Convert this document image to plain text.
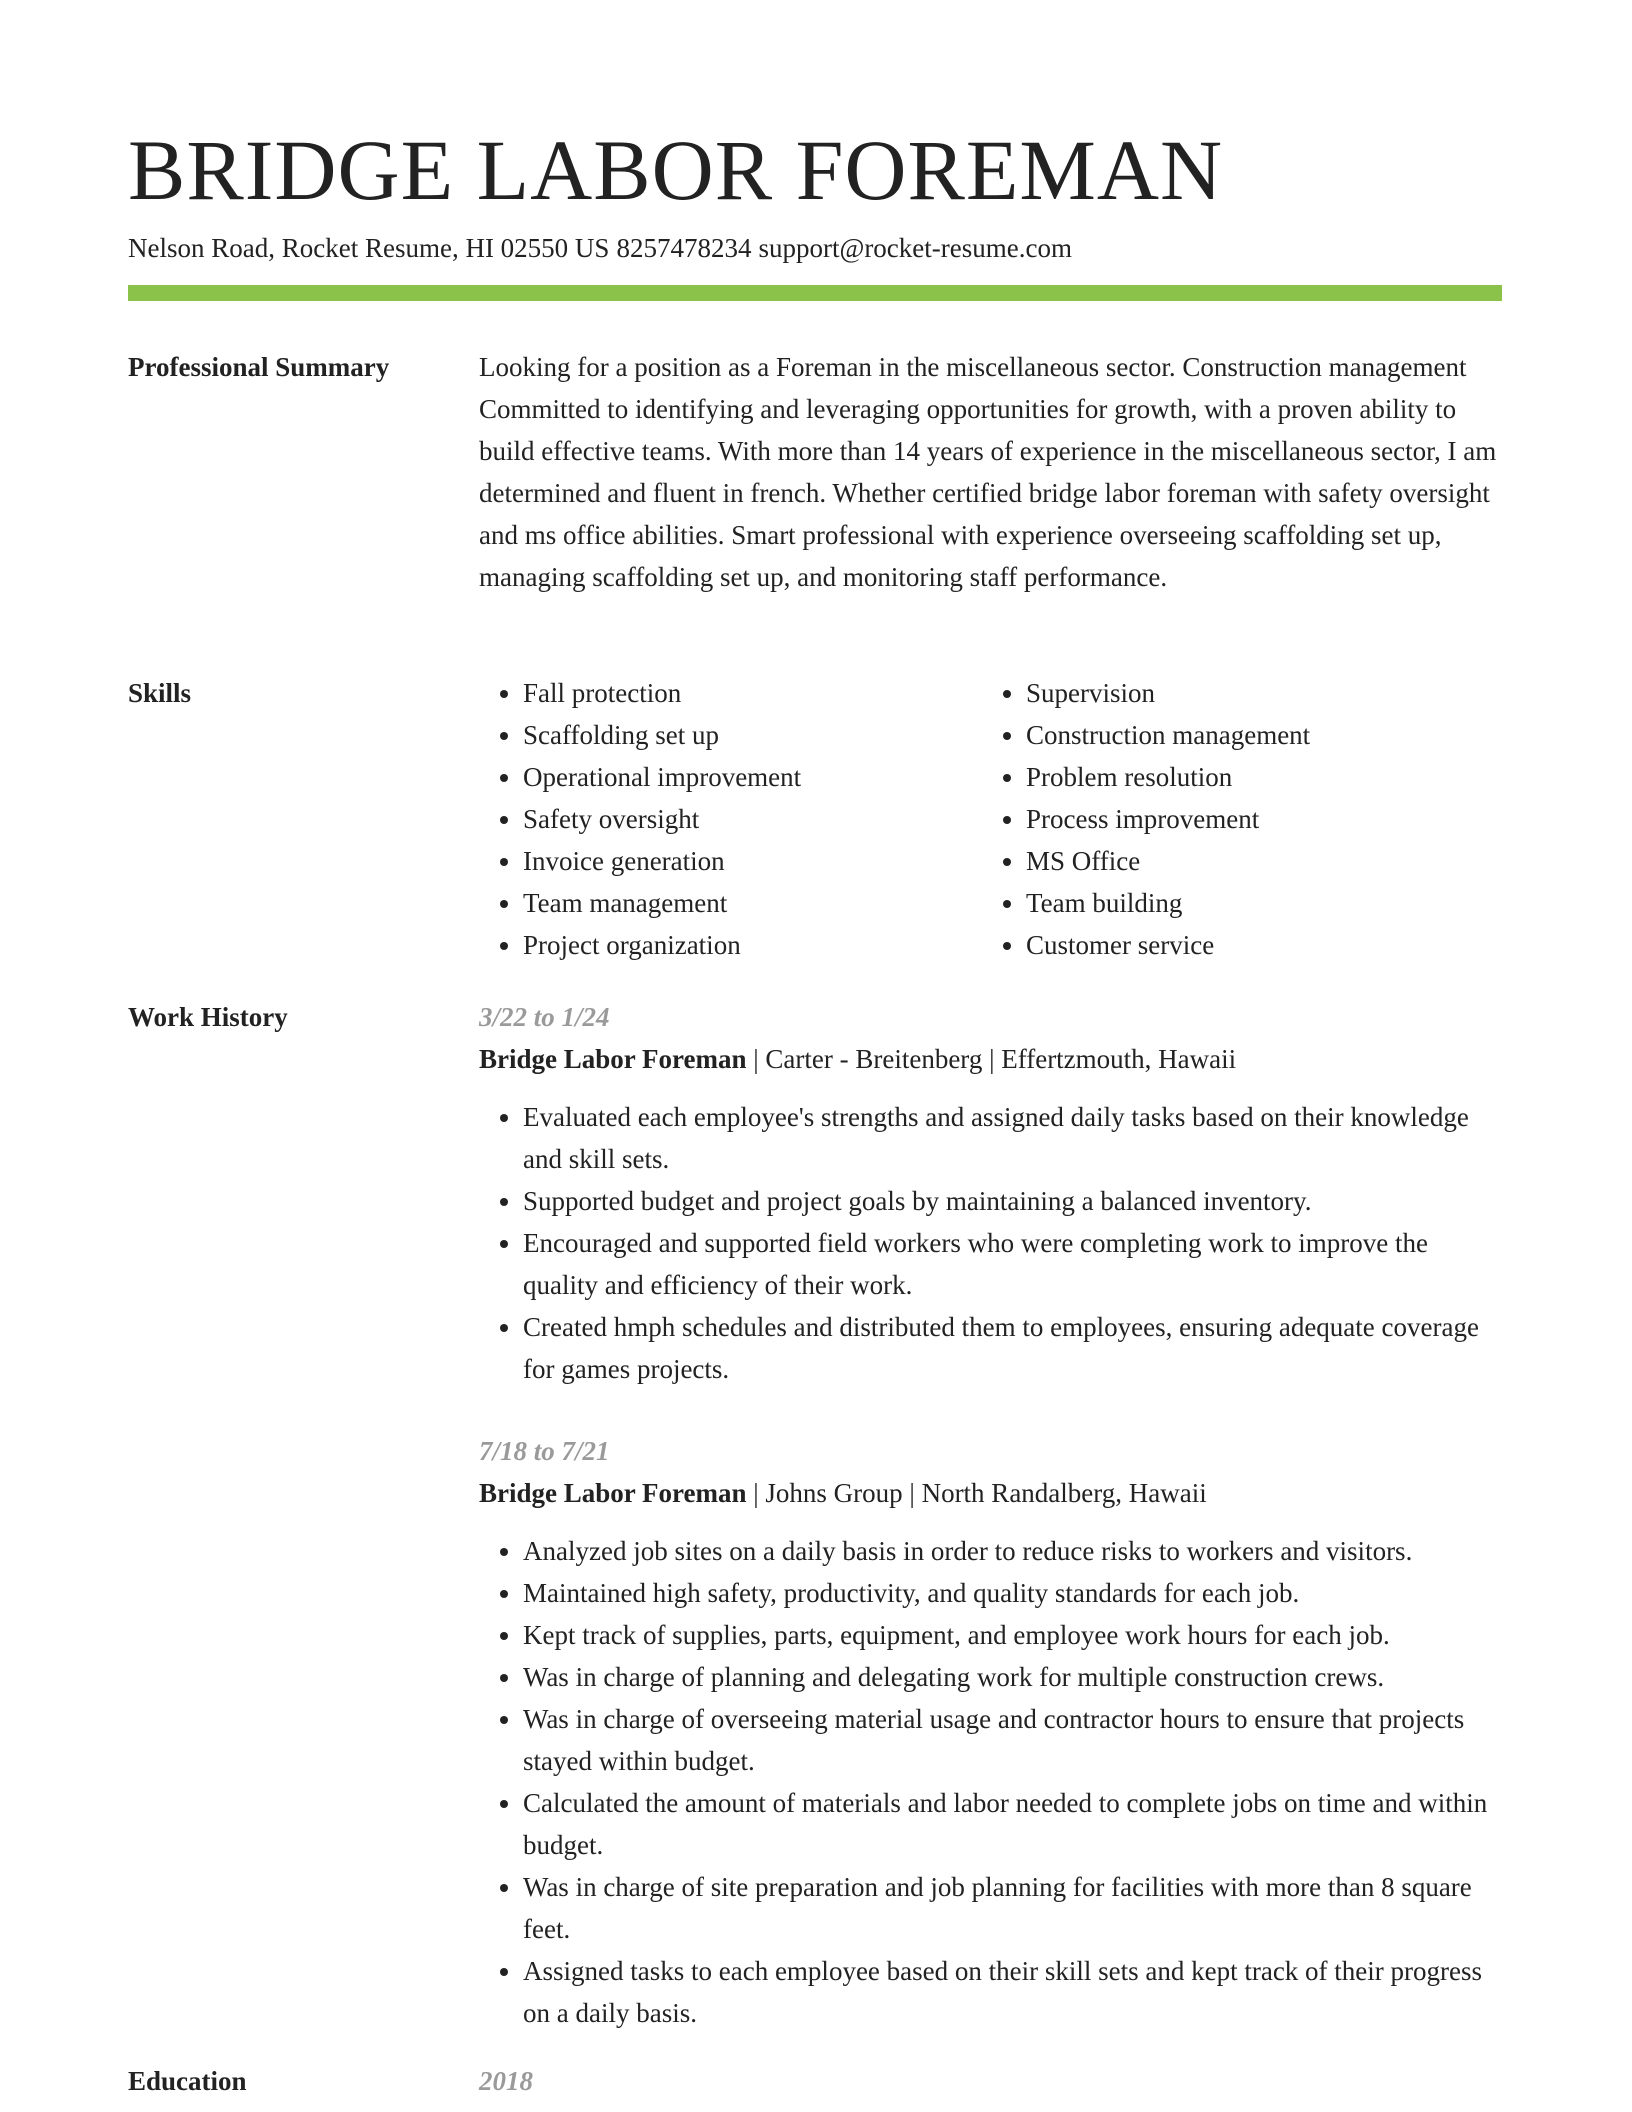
BRIDGE LABOR FOREMAN
Nelson Road, Rocket Resume, HI 02550 US 8257478234 support@rocket-resume.com
Professional Summary	Looking for a position as a Foreman in the miscellaneous sector. Construction management Committed to identifying and leveraging opportunities for growth, with a proven ability to build effective teams. With more than 14 years of experience in the miscellaneous sector, I am determined and fluent in french. Whether certified bridge labor foreman with safety oversight and ms office abilities. Smart professional with experience overseeing scaffolding set up, managing scaffolding set up, and monitoring staff performance.

Skills
•	Fall protection
• Scaffolding set up
• Operational improvement
• Safety oversight
• Invoice generation
• Team management
• Project organization
• Supervision
• Construction management
• Problem resolution
• Process improvement
• MS Office
• Team building
• Customer service
Work History	3/22 to 1/24

Bridge Labor Foreman | Carter - Breitenberg | Effertzmouth, Hawaii

• Evaluated each employee's strengths and assigned daily tasks based on their knowledge and skill sets.
• Supported budget and project goals by maintaining a balanced inventory.
• Encouraged and supported field workers who were completing work to improve the quality and efficiency of their work.
• Created hmph schedules and distributed them to employees, ensuring adequate coverage for games projects.

7/18 to 7/21

Bridge Labor Foreman | Johns Group | North Randalberg, Hawaii

• Analyzed job sites on a daily basis in order to reduce risks to workers and visitors.
• Maintained high safety, productivity, and quality standards for each job.
• Kept track of supplies, parts, equipment, and employee work hours for each job.
• Was in charge of planning and delegating work for multiple construction crews.
• Was in charge of overseeing material usage and contractor hours to ensure that projects stayed within budget.
• Calculated the amount of materials and labor needed to complete jobs on time and within budget.
• Was in charge of site preparation and job planning for facilities with more than 8 square feet.
• Assigned tasks to each employee based on their skill sets and kept track of their progress on a daily basis.
Education	2018
